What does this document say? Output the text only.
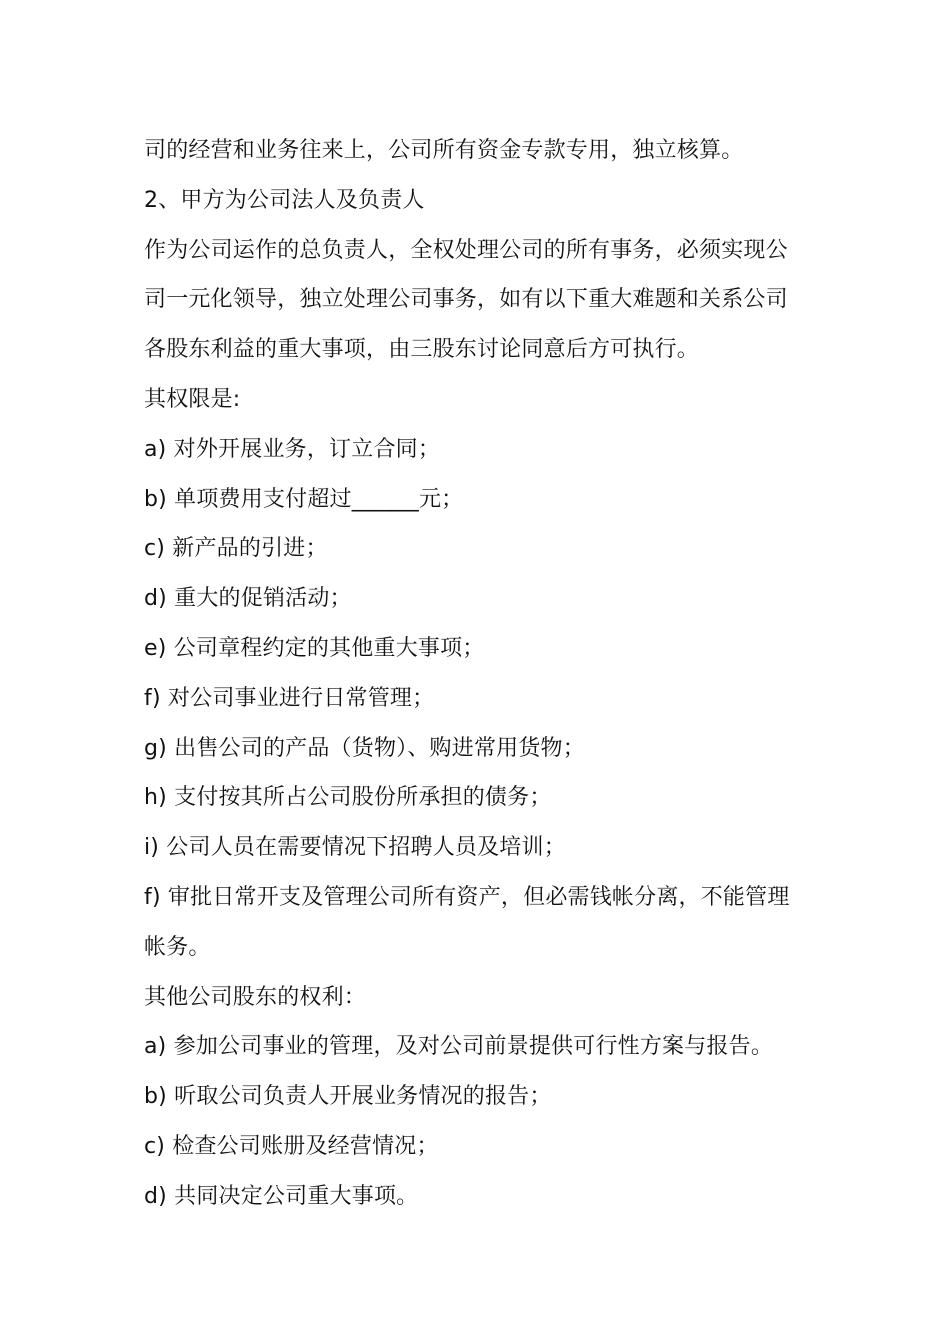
司的经营和业务往来上，公司所有资金专款专用，独立核算。
2、甲方为公司法人及负责人
作为公司运作的总负责人，全权处理公司的所有事务，必须实现公
司一元化领导，独立处理公司事务，如有以下重大难题和关系公司
各股东利益的重大事项，由三股东讨论同意后方可执行。
其权限是:
a) 对外开展业务，订立合同；
b) 单项费用支付超过______元；
c) 新产品的引进；
d) 重大的促销活动；
e) 公司章程约定的其他重大事项；
f) 对公司事业进行日常管理；
g) 出售公司的产品（货物）、购进常用货物；
h) 支付按其所占公司股份所承担的债务；
i) 公司人员在需要情况下招聘人员及培训；
f) 审批日常开支及管理公司所有资产，但必需钱帐分离，不能管理
帐务。
其他公司股东的权利：
a) 参加公司事业的管理，及对公司前景提供可行性方案与报告。
b) 听取公司负责人开展业务情况的报告；
c) 检查公司账册及经营情况；
d) 共同决定公司重大事项。
